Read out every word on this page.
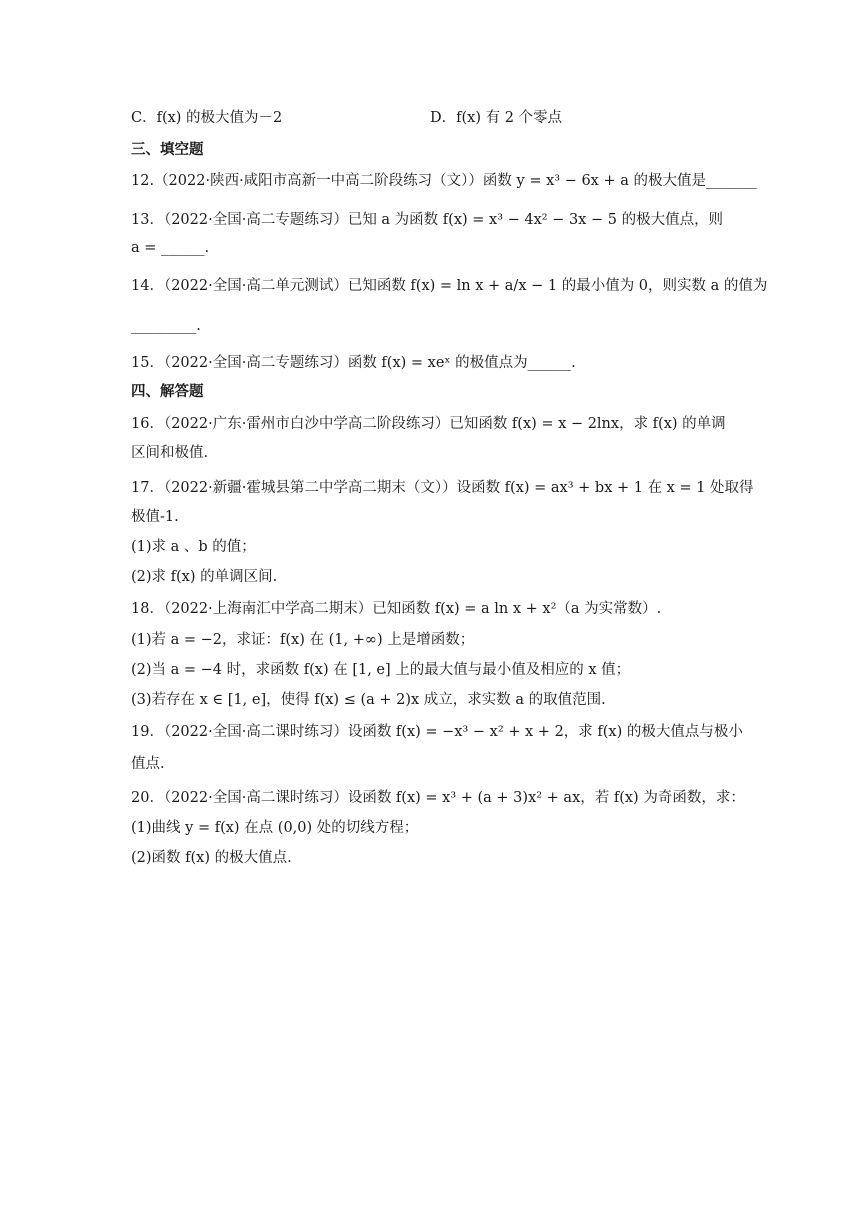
C．f(x) 的极大值为－2	D．f(x) 有 2 个零点
三、填空题
12.（2022·陕西·咸阳市高新一中高二阶段练习（文））函数 y = x³ − 6x + a 的极大值是_______
13．（2022·全国·高二专题练习）已知 a 为函数 f(x) = x³ − 4x² − 3x − 5 的极大值点，则
a = ______.
14．（2022·全国·高二单元测试）已知函数 f(x) = ln x + a/x − 1 的最小值为 0，则实数 a 的值为
_________.
15．（2022·全国·高二专题练习）函数 f(x) = xeˣ 的极值点为______.
四、解答题
16．（2022·广东·雷州市白沙中学高二阶段练习）已知函数 f(x) = x − 2lnx，求 f(x) 的单调
区间和极值.
17．（2022·新疆·霍城县第二中学高二期末（文））设函数 f(x) = ax³ + bx + 1 在 x = 1 处取得
极值-1.
(1)求 a 、b 的值；
(2)求 f(x) 的单调区间.
18．（2022·上海南汇中学高二期末）已知函数 f(x) = a ln x + x²（a 为实常数）.
(1)若 a = −2，求证：f(x) 在 (1, +∞) 上是增函数；
(2)当 a = −4 时，求函数 f(x) 在 [1, e] 上的最大值与最小值及相应的 x 值；
(3)若存在 x ∈ [1, e]，使得 f(x) ≤ (a + 2)x 成立，求实数 a 的取值范围.
19．（2022·全国·高二课时练习）设函数 f(x) = −x³ − x² + x + 2，求 f(x) 的极大值点与极小
值点.
20．（2022·全国·高二课时练习）设函数 f(x) = x³ + (a + 3)x² + ax，若 f(x) 为奇函数，求：
(1)曲线 y = f(x) 在点 (0,0) 处的切线方程；
(2)函数 f(x) 的极大值点.
